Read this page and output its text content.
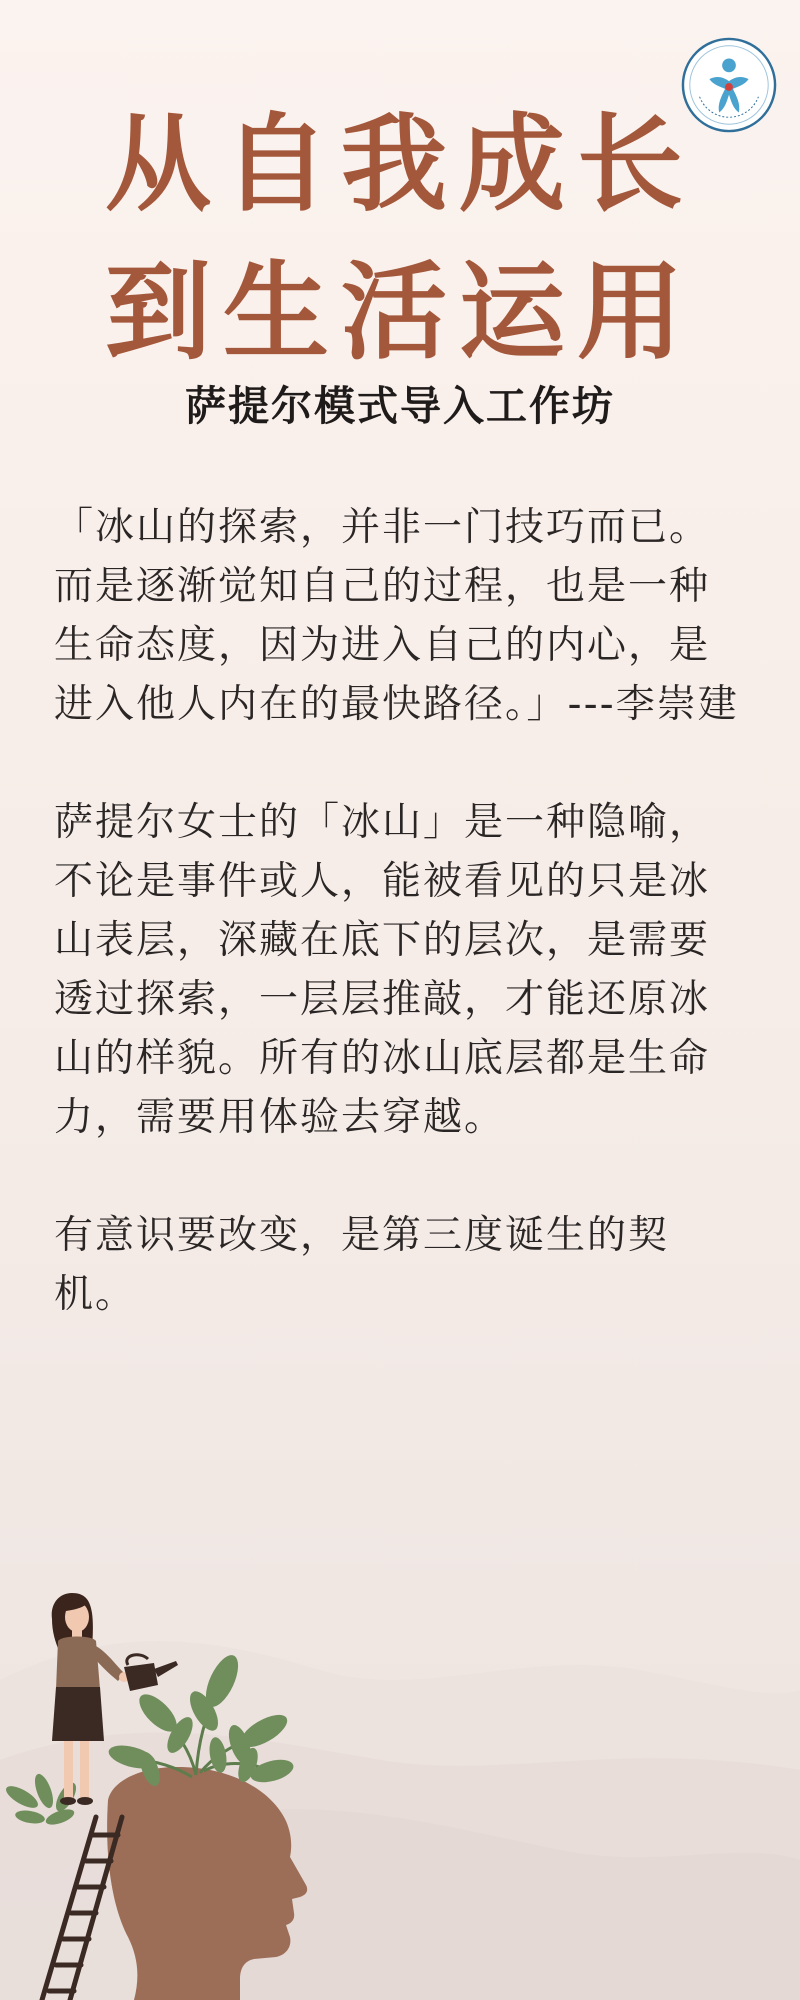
从自我成长
到生活运用
萨提尔模式导入工作坊

「冰山的探索，并非一门技巧而已。
而是逐渐觉知自己的过程，也是一种
生命态度，因为进入自己的内心，是
进入他人内在的最快路径。」---李崇建

萨提尔女士的「冰山」是一种隐喻，
不论是事件或人，能被看见的只是冰
山表层，深藏在底下的层次，是需要
透过探索，一层层推敲，才能还原冰
山的样貌。所有的冰山底层都是生命
力，需要用体验去穿越。

有意识要改变，是第三度诞生的契
机。
